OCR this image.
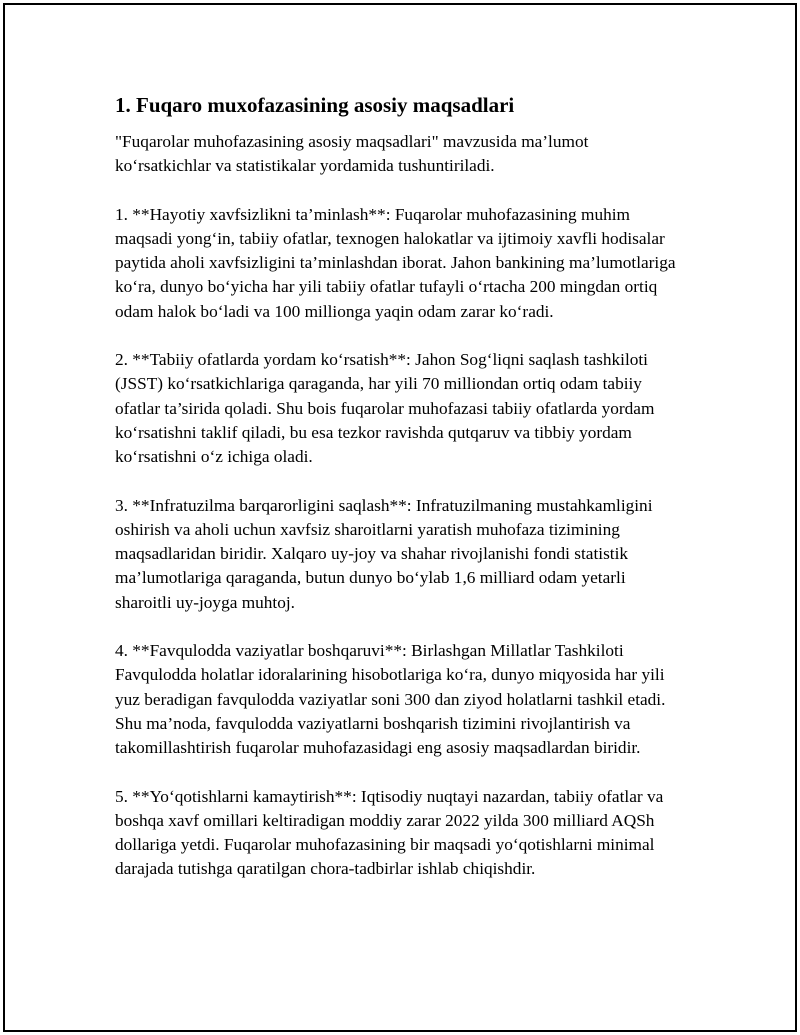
1. Fuqaro muxofazasining asosiy maqsadlari

"Fuqarolar muhofazasining asosiy maqsadlari" mavzusida ma’lumot ko‘rsatkichlar va statistikalar yordamida tushuntiriladi.

1. **Hayotiy xavfsizlikni ta’minlash**: Fuqarolar muhofazasining muhim maqsadi yong‘in, tabiiy ofatlar, texnogen halokatlar va ijtimoiy xavfli hodisalar paytida aholi xavfsizligini ta’minlashdan iborat. Jahon bankining ma’lumotlariga ko‘ra, dunyo bo‘yicha har yili tabiiy ofatlar tufayli o‘rtacha 200 mingdan ortiq odam halok bo‘ladi va 100 millionga yaqin odam zarar ko‘radi.

2. **Tabiiy ofatlarda yordam ko‘rsatish**: Jahon Sog‘liqni saqlash tashkiloti (JSST) ko‘rsatkichlariga qaraganda, har yili 70 milliondan ortiq odam tabiiy ofatlar ta’sirida qoladi. Shu bois fuqarolar muhofazasi tabiiy ofatlarda yordam ko‘rsatishni taklif qiladi, bu esa tezkor ravishda qutqaruv va tibbiy yordam ko‘rsatishni o‘z ichiga oladi.

3. **Infratuzilma barqarorligini saqlash**: Infratuzilmaning mustahkamligini oshirish va aholi uchun xavfsiz sharoitlarni yaratish muhofaza tizimining maqsadlaridan biridir. Xalqaro uy-joy va shahar rivojlanishi fondi statistik ma’lumotlariga qaraganda, butun dunyo bo‘ylab 1,6 milliard odam yetarli sharoitli uy-joyga muhtoj.

4. **Favqulodda vaziyatlar boshqaruvi**: Birlashgan Millatlar Tashkiloti Favqulodda holatlar idoralarining hisobotlariga ko‘ra, dunyo miqyosida har yili yuz beradigan favqulodda vaziyatlar soni 300 dan ziyod holatlarni tashkil etadi. Shu ma’noda, favqulodda vaziyatlarni boshqarish tizimini rivojlantirish va takomillashtirish fuqarolar muhofazasidagi eng asosiy maqsadlardan biridir.

5. **Yo‘qotishlarni kamaytirish**: Iqtisodiy nuqtayi nazardan, tabiiy ofatlar va boshqa xavf omillari keltiradigan moddiy zarar 2022 yilda 300 milliard AQSh dollariga yetdi. Fuqarolar muhofazasining bir maqsadi yo‘qotishlarni minimal darajada tutishga qaratilgan chora-tadbirlar ishlab chiqishdir.
